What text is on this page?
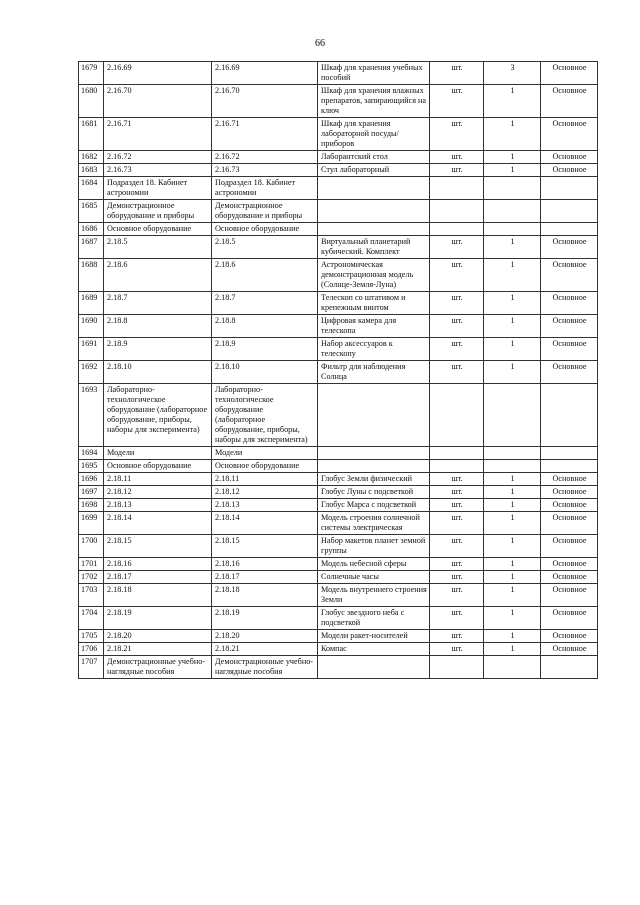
66
1679	2.16.69	2.16.69	Шкаф для хранения учебных пособий	шт.	3	Основное
1680	2.16.70	2.16.70	Шкаф для хранения влажных препаратов, запирающийся на ключ	шт.	1	Основное
1681	2.16.71	2.16.71	Шкаф для хранения лабораторной посуды/приборов	шт.	1	Основное
1682	2.16.72	2.16.72	Лаборантский стол	шт.	1	Основное
1683	2.16.73	2.16.73	Стул лабораторный	шт.	1	Основное
1684	Подраздел 18. Кабинет астрономии	Подраздел 18. Кабинет астрономии				
1685	Демонстрационное оборудование и приборы	Демонстрационное оборудование и приборы				
1686	Основное оборудование	Основное оборудование				
1687	2.18.5	2.18.5	Виртуальный планетарий кубический. Комплект	шт.	1	Основное
1688	2.18.6	2.18.6	Астрономическая демонстрационная модель (Солнце-Земля-Луна)	шт.	1	Основное
1689	2.18.7	2.18.7	Телескоп со штативом и крепежным винтом	шт.	1	Основное
1690	2.18.8	2.18.8	Цифровая камера для телескопа	шт.	1	Основное
1691	2.18.9	2.18.9	Набор аксессуаров к телескопу	шт.	1	Основное
1692	2.18.10	2.18.10	Фильтр для наблюдения Солнца	шт.	1	Основное
1693	Лабораторно-технологическое оборудование (лабораторное оборудование, приборы, наборы для эксперимента)	Лабораторно-технологическое оборудование (лабораторное оборудование, приборы, наборы для эксперимента)				
1694	Модели	Модели				
1695	Основное оборудование	Основное оборудование				
1696	2.18.11	2.18.11	Глобус Земли физический	шт.	1	Основное
1697	2.18.12	2.18.12	Глобус Луны с подсветкой	шт.	1	Основное
1698	2.18.13	2.18.13	Глобус Марса с подсветкой	шт.	1	Основное
1699	2.18.14	2.18.14	Модель строения солнечной системы электрическая	шт.	1	Основное
1700	2.18.15	2.18.15	Набор макетов планет земной группы	шт.	1	Основное
1701	2.18.16	2.18.16	Модель небесной сферы	шт.	1	Основное
1702	2.18.17	2.18.17	Солнечные часы	шт.	1	Основное
1703	2.18.18	2.18.18	Модель внутреннего строения Земли	шт.	1	Основное
1704	2.18.19	2.18.19	Глобус звездного неба с подсветкой	шт.	1	Основное
1705	2.18.20	2.18.20	Модели ракет-носителей	шт.	1	Основное
1706	2.18.21	2.18.21	Компас	шт.	1	Основное
1707	Демонстрационные учебно-наглядные пособия	Демонстрационные учебно-наглядные пособия				
